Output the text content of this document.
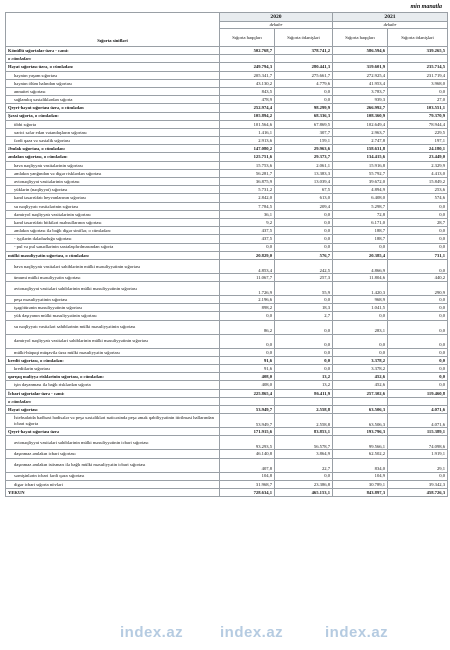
min manatla
Sığorta sinifləri	2020		2021	
	dekabr		dekabr	
	Sığorta haqqları	Sığorta ödənişləri	Sığorta haqqları	Sığorta ödənişləri
Könüllü sığortalar üzrə - cəmi:	502.768,7	378.741,2	586.594,6	339.265,5
o cümlədən:				
Həyat sığortası üzrə, o cümlədən:	249.794,3	280.441,3	319.601,9	235.714,5
həyatın yaşam sığortası	205.341,7	275.661,7	272.925,4	231.719,4
həyatın ölüm halından sığortası	43.130,2	4.779,6	41.953,4	3.968,0
annuitet sığortası	843,5	0,0	3.783,7	0,0
sağlamlıq xəstəliklərdən sığorta	478,9	0,0	939,3	27,0
Qeyri-həyat sığortası üzrə, o cümlədən	252.974,4	98.299,9	266.992,7	103.551,1
Şəxsi sığorta, o cümlədən:	105.894,2	68.336,3	108.360,9	79.370,9
tibbi sığorta	101.564,6	67.869,5	102.649,4	78.944,4
xarici səfər edən vətəndaşların sığortası	1.416,1	307,7	2.963,7	229,5
fərdi qəza və xəstəlik sığortası	2.913,6	159,1	2.747,8	197,1
Əmlak sığortası, o cümlədən:	147.080,2	29.963,6	158.631,8	24.180,1
əmlakın sığortası, o cümlədən:	125.751,6	29.373,7	134.415,6	23.449,0
hava nəqliyyatı vasitələrinin sığortası	15.753,6	2.061,1	15.916,8	2.329,9
əmlakın yanğından və digər risklərdən sığortası	56.281,7	13.383,3	55.792,7	4.413,0
avtonəqliyyat vasitələrinin sığortası	36.875,9	13.039,4	39.672,0	15.849,2
yüklərin (nəqliyyat) sığortası	5.731,2	67,5	4.894,9	253,6
kənd təsərrüfatı heyvanlarının sığortası	2.842,0	613,0	6.408,0	574,6
su nəqliyyatı vasitələrinin sığortası	7.784,5	209,4	5.298,7	0,0
dəmiryol nəqliyyatı vasitələrinin sığortası	36,1	0,0	72,8	0,0
kənd təsərrüfatı bitkiləri məhsullarının sığortası	9,2	0,0	6.171,0	28,7
əmlakın sığortası ilə bağlı digər siniflər, o cümlədən:	437,5	0,0	188,7	0,0
- işçilərin dələduzluğa sığortası	437,5	0,0	188,7	0,0
- pul və pul sənədlərinin saxtalaşdırılmasından sığorta	0,0	0,0	0,0	0,0
mülki məsuliyyətin sığortası, o cümlədən:	20.829,0	576,7	20.385,4	731,1
hava nəqliyyatı vasitələri sahiblərinin mülki məsuliyyətinin sığortası	4.853,4	242,5	4.866,9	0,0
ümumi mülki məsuliyyətin sığortası	11.067,7	257,3	11.804,6	440,2
avtonəqliyyat vasitələri sahiblərinin mülki məsuliyyətinin sığortası	1.726,9	55,9	1.420,3	290,9
peşə məsuliyyətinin sığortası	2.196,6	0,0	968,9	0,0
işəgötürənin məsuliyyətinin sığortası	898,2	18,3	1.041,5	0,0
yük daşıyanın mülki məsuliyyətinin sığortası	0,0	2,7	0,0	0,0
su nəqliyyatı vasitələri sahiblərinin mülki məsuliyyətinin sığortası	86,2	0,0	283,1	0,0
dəmiryol nəqliyyatı vasitələri sahiblərinin mülki məsuliyyətinin sığortası	0,0	0,0	0,0	0,0
mülki-hüquqi müqavilə üzrə mülki məsuliyyətin sığortası	0,0	0,0	0,0	0,0
kredit sığortası, o cümlədən:	91,6	0,0	3.378,2	0,0
kreditlərin sığortası	91,6	0,0	3.378,2	0,0
qarışıq maliyyə risklərinin sığortası, o cümlədən:	408,0	13,2	452,6	0,0
işin dayanması ilə bağlı risklərdən sığorta	408,0	13,2	452,6	0,0
İcbari sığortalar üzrə - cəmi:	225.865,4	86.411,9	257.302,6	119.460,8
o cümlədən:				
Həyat sığortası	53.949,7	2.558,8	63.506,3	4.071,6
İstehsalatda bədbəxt hadisələr və peşə xəstəlikləri nəticəsində peşə əmək qabiliyyətinin itirilməsi hallarından icbari sığorta	53.949,7	2.558,8	63.506,3	4.071,6
Qeyri-həyat sığortası üzrə	171.915,6	83.853,1	193.796,3	115.389,1
avtonəqliyyat vasitələri sahiblərinin mülki məsuliyyətinin icbari sığortası	93.293,5	56.578,7	99.566,1	74.098,6
daşınmaz əmlakın icbari sığortası	46.140,8	3.864,9	62.502,2	1.919,1
daşınmaz əmlakın istismarı ilə bağlı mülki məsuliyyətin icbari sığortası	407,8	22,7	834,0	29,1
sərnişinlərin icbari fərdi qəza sığortası	104,8	0,0	104,9	0,0
digər icbari sığorta növləri	31.968,7	23.386,8	30.789,1	39.342,3
YEKUN	728.634,1	465.153,1	843.897,3	458.726,3
index.az index.az	index.az
